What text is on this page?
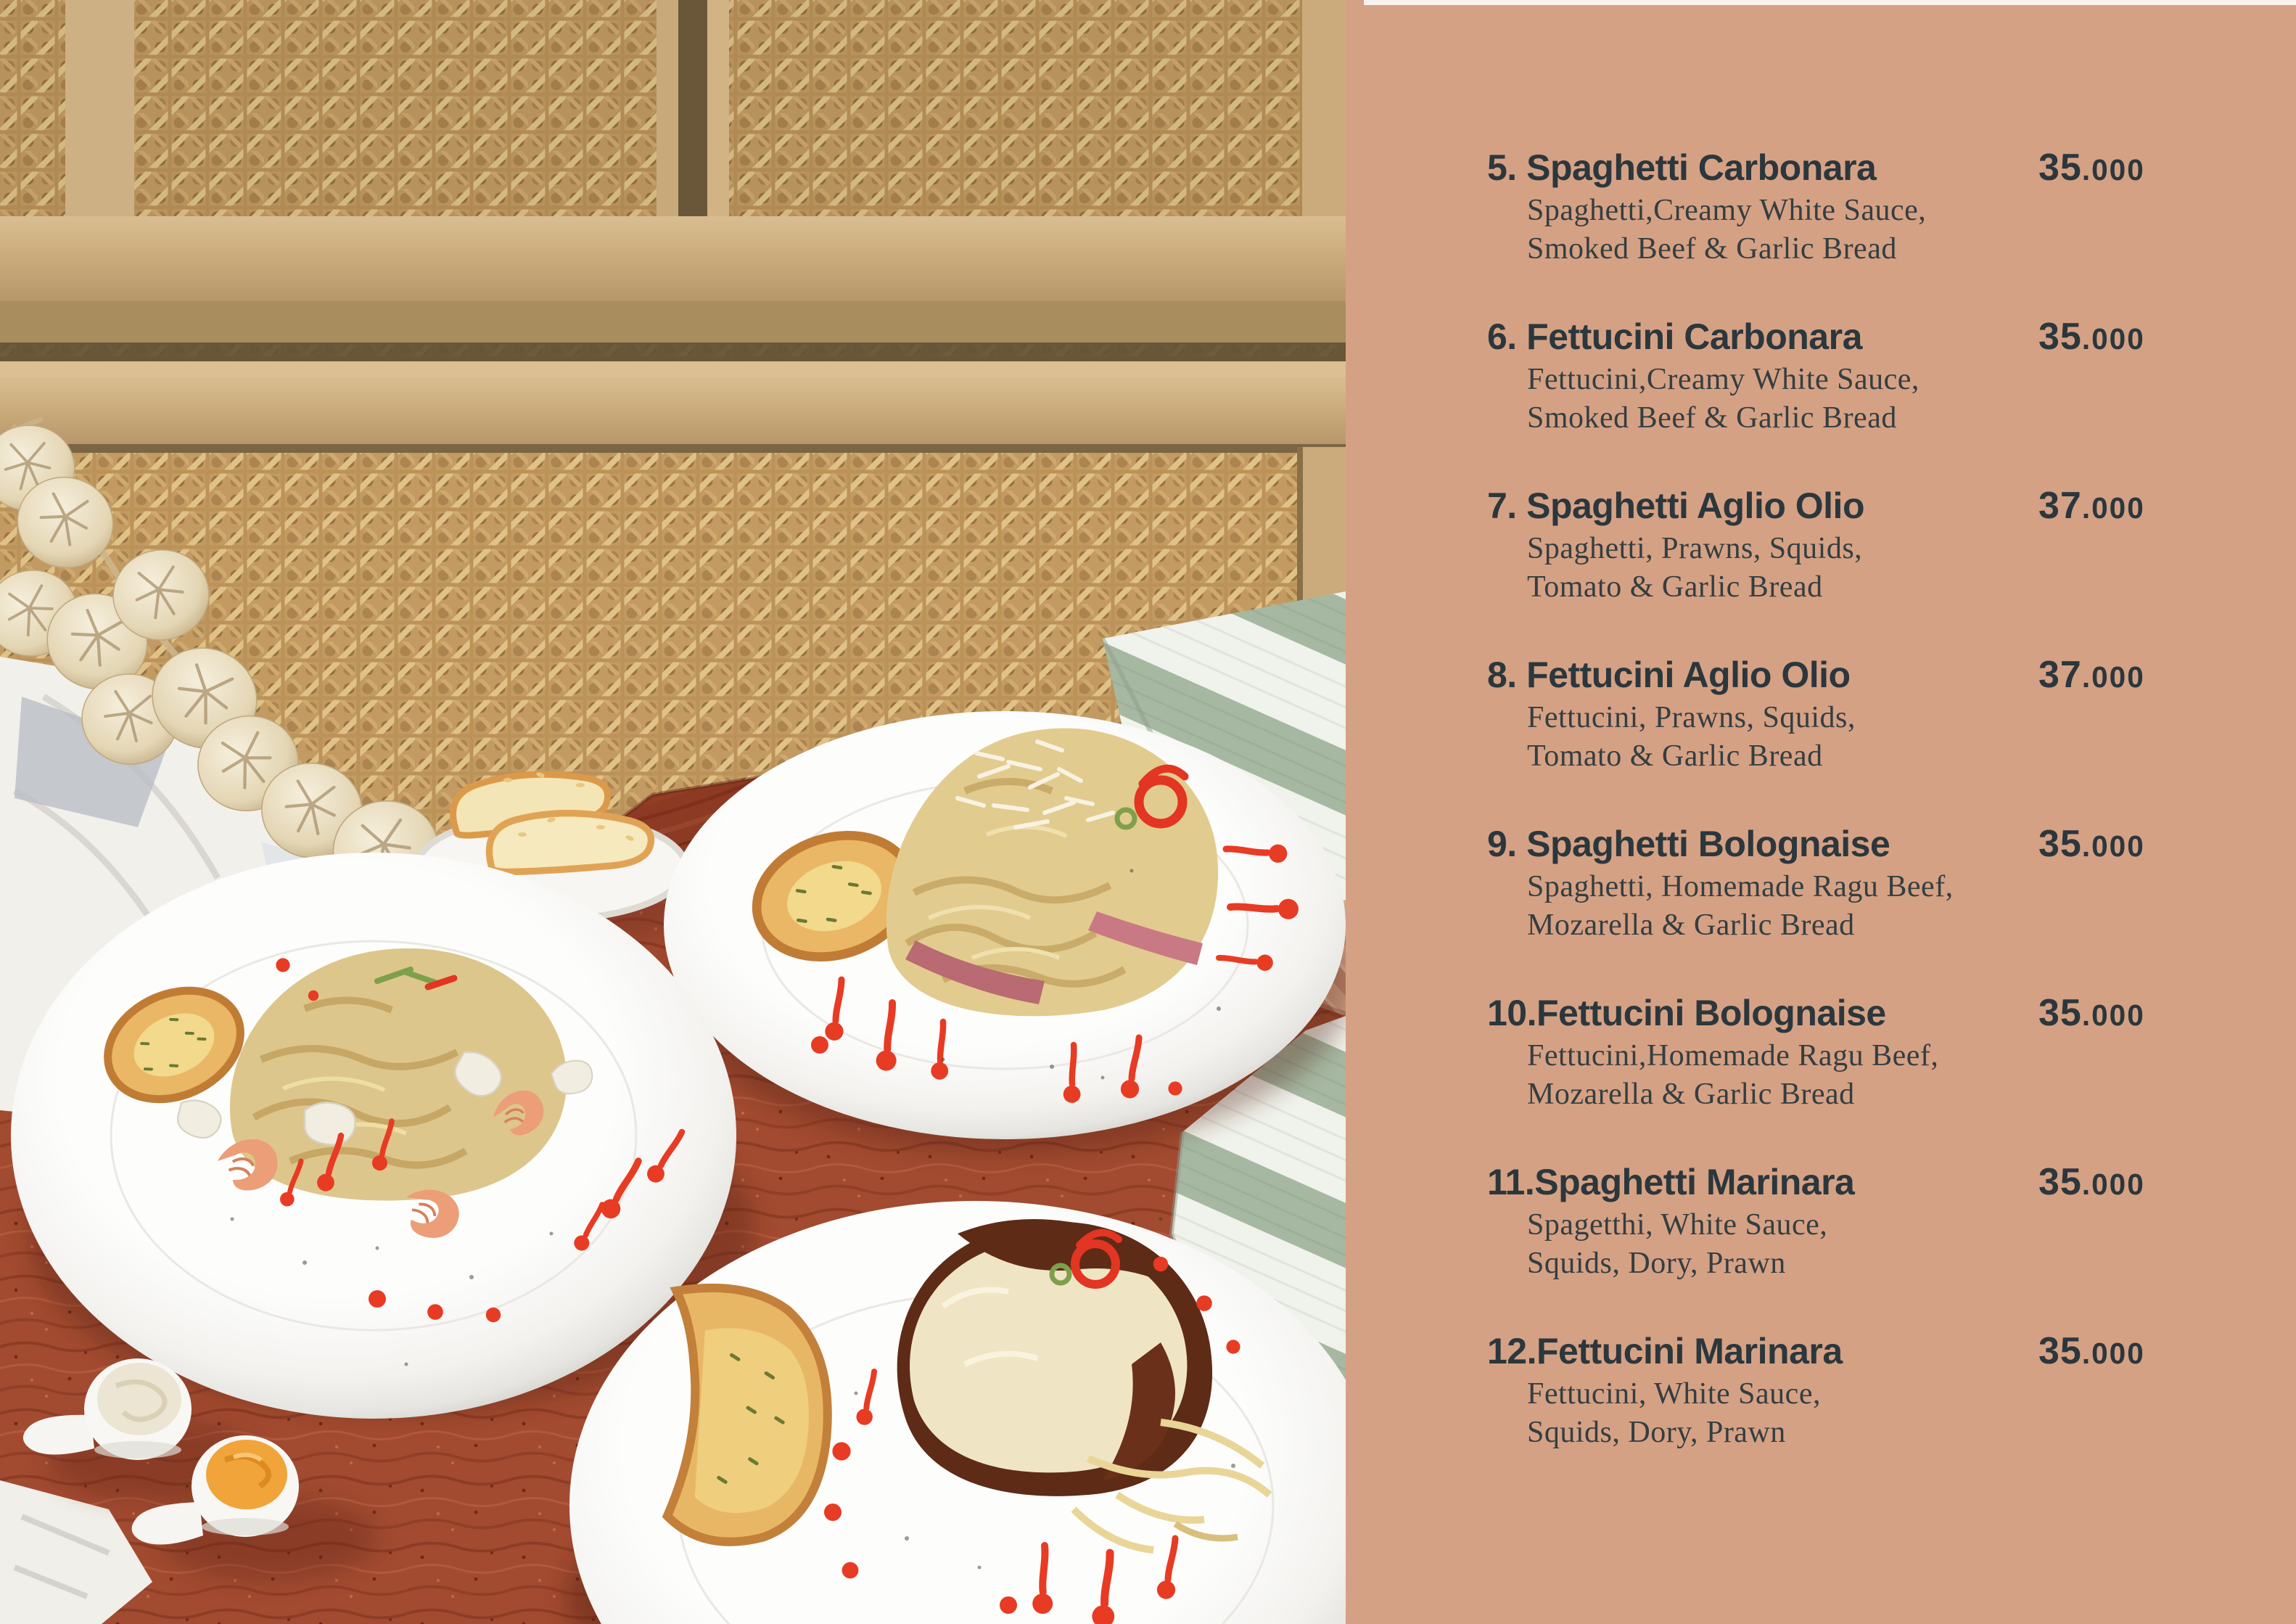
5. Spaghetti Carbonara	35.000
Spaghetti,Creamy White Sauce,
Smoked Beef & Garlic Bread
6. Fettucini Carbonara	35.000
Fettucini,Creamy White Sauce,
Smoked Beef & Garlic Bread
7. Spaghetti Aglio Olio	37.000
Spaghetti, Prawns, Squids,
Tomato & Garlic Bread
8. Fettucini Aglio Olio	37.000
Fettucini, Prawns, Squids,
Tomato & Garlic Bread
9. Spaghetti Bolognaise	35.000
Spaghetti, Homemade Ragu Beef,
Mozarella & Garlic Bread
10.Fettucini Bolognaise	35.000
Fettucini,Homemade Ragu Beef,
Mozarella & Garlic Bread
11.Spaghetti Marinara	35.000
Spagetthi, White Sauce,
Squids, Dory, Prawn
12.Fettucini Marinara	35.000
Fettucini, White Sauce,
Squids, Dory, Prawn
